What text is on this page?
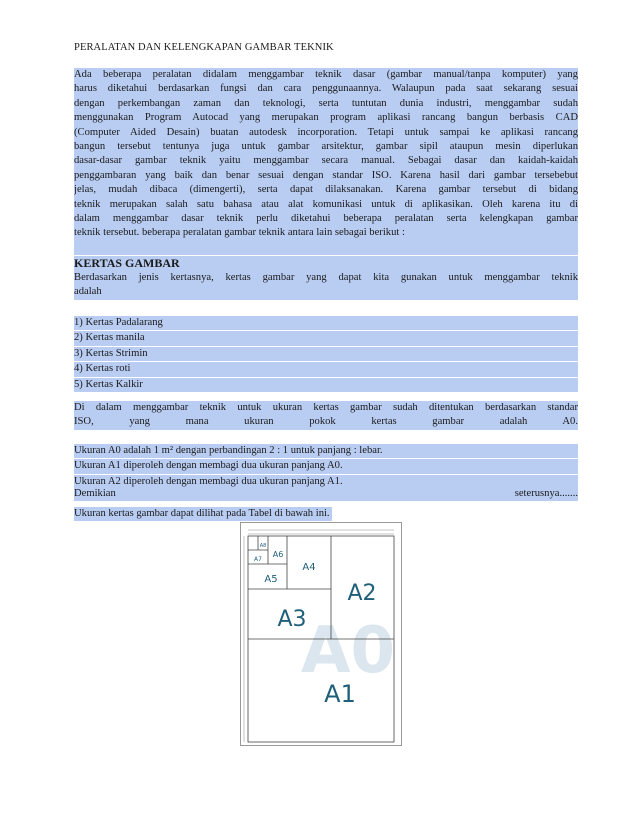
PERALATAN DAN KELENGKAPAN GAMBAR TEKNIK
Ada beberapa peralatan didalam menggambar teknik dasar (gambar manual/tanpa komputer) yang
harus diketahui berdasarkan fungsi dan cara penggunaannya. Walaupun pada saat sekarang sesuai
dengan perkembangan zaman dan teknologi, serta tuntutan dunia industri, menggambar sudah
menggunakan Program Autocad yang merupakan program aplikasi rancang bangun berbasis CAD
(Computer Aided Desain) buatan autodesk incorporation. Tetapi untuk sampai ke aplikasi rancang
bangun tersebut tentunya juga untuk gambar arsitektur, gambar sipil ataupun mesin diperlukan
dasar-dasar gambar teknik yaitu menggambar secara manual. Sebagai dasar dan kaidah-kaidah
penggambaran yang baik dan benar sesuai dengan standar ISO. Karena hasil dari gambar tersebebut
jelas, mudah dibaca (dimengerti), serta dapat dilaksanakan. Karena gambar tersebut di bidang
teknik merupakan salah satu bahasa atau alat komunikasi untuk di aplikasikan. Oleh karena itu di
dalam menggambar dasar teknik perlu diketahui beberapa peralatan serta kelengkapan gambar
teknik tersebut. beberapa peralatan gambar teknik antara lain sebagai berikut :
KERTAS GAMBAR
Berdasarkan jenis kertasnya, kertas gambar yang dapat kita gunakan untuk menggambar teknik
adalah
1) Kertas Padalarang
2) Kertas manila
3) Kertas Strimin
4) Kertas roti
5) Kertas Kalkir
Di dalam menggambar teknik untuk ukuran kertas gambar sudah ditentukan berdasarkan standar
ISO, yang mana ukuran pokok kertas gambar adalah A0.
Ukuran A0 adalah 1 m² dengan perbandingan 2 : 1 untuk panjang : lebar.
Ukuran A1 diperoleh dengan membagi dua ukuran panjang A0.
Ukuran A2 diperoleh dengan membagi dua ukuran panjang A1.
Demikian	seterusnya.......
Ukuran kertas gambar dapat dilihat pada Tabel di bawah ini.
A0
A1
A2
A3
A4
A5
A6
A7
A8
